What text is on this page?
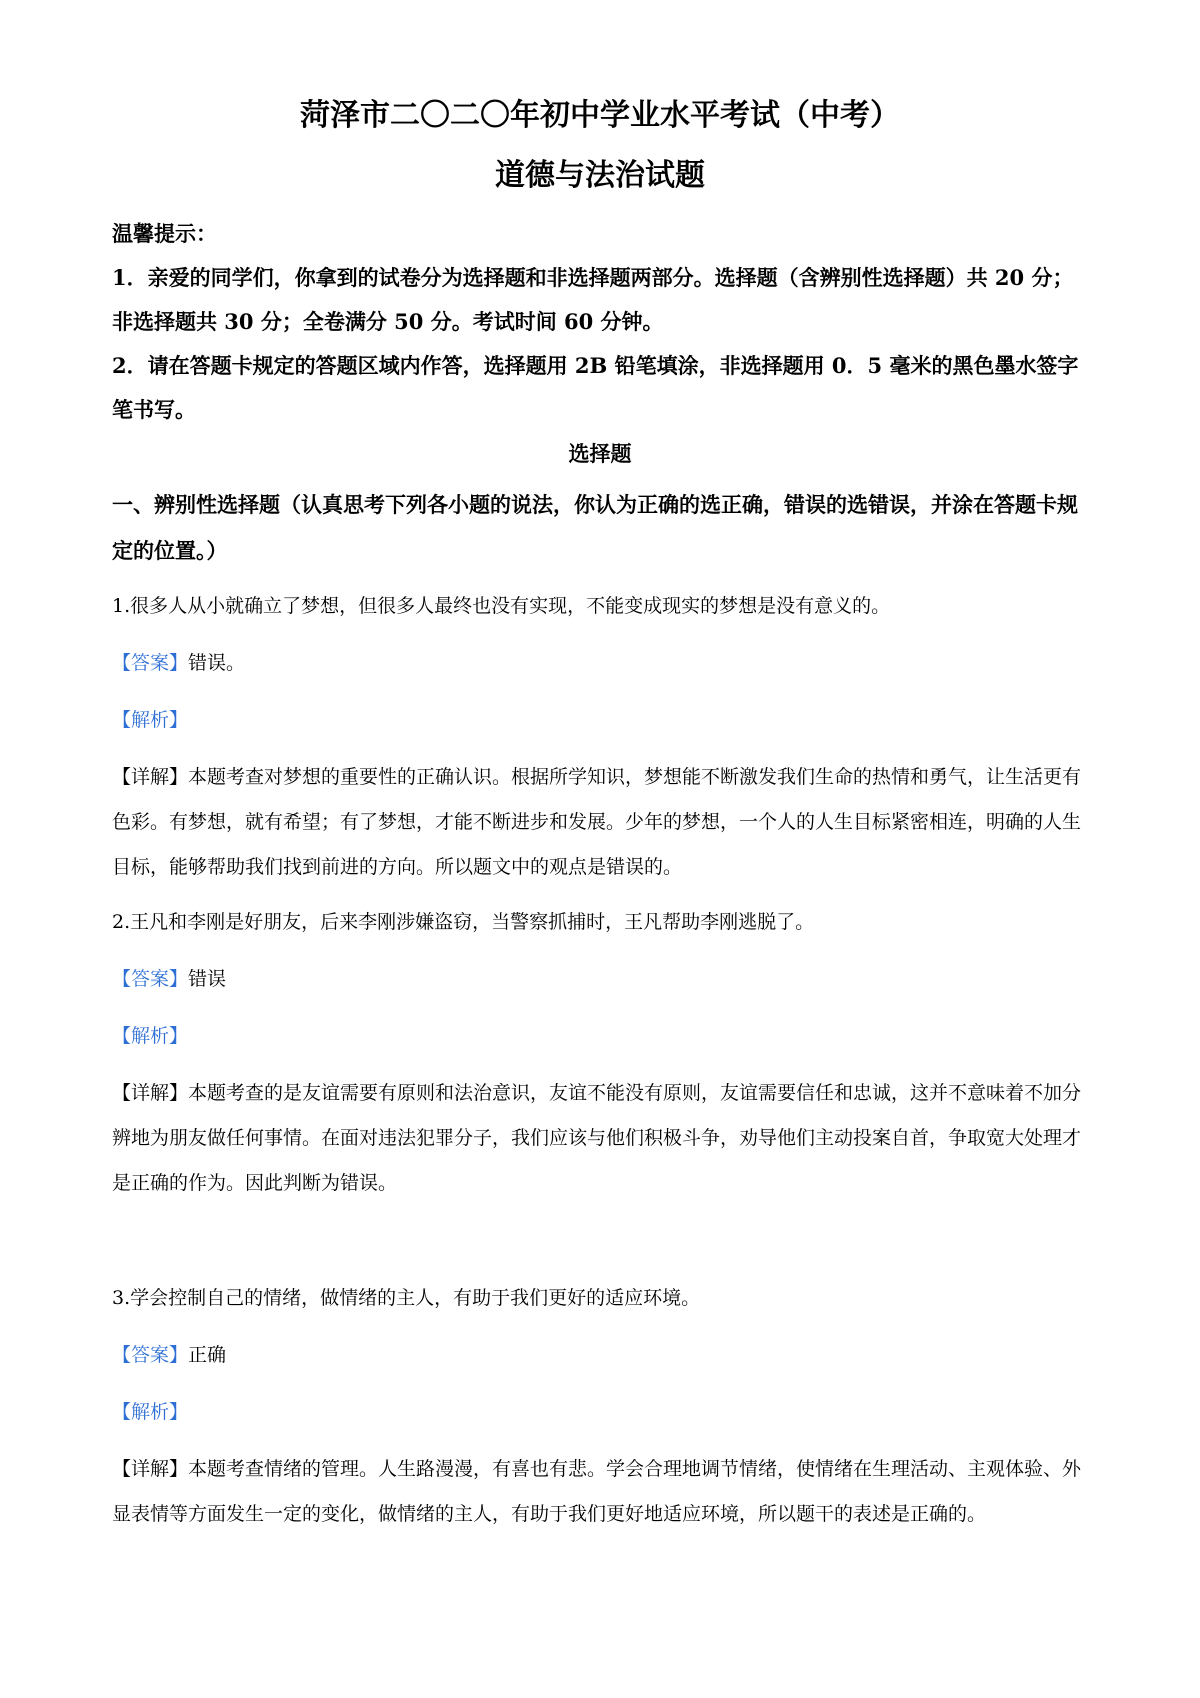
菏泽市二〇二〇年初中学业水平考试（中考）
道德与法治试题

温馨提示：

1．亲爱的同学们，你拿到的试卷分为选择题和非选择题两部分。选择题（含辨别性选择题）共 20 分；非选择题共 30 分；全卷满分 50 分。考试时间 60 分钟。

2．请在答题卡规定的答题区域内作答，选择题用 2B 铅笔填涂，非选择题用 0．5 毫米的黑色墨水签字笔书写。

选择题
一、辨别性选择题（认真思考下列各小题的说法，你认为正确的选正确，错误的选错误，并涂在答题卡规定的位置。）

1.很多人从小就确立了梦想，但很多人最终也没有实现，不能变成现实的梦想是没有意义的。

【答案】错误。

【解析】

【详解】本题考查对梦想的重要性的正确认识。根据所学知识，梦想能不断激发我们生命的热情和勇气，让生活更有色彩。有梦想，就有希望；有了梦想，才能不断进步和发展。少年的梦想，一个人的人生目标紧密相连，明确的人生目标，能够帮助我们找到前进的方向。所以题文中的观点是错误的。

2.王凡和李刚是好朋友，后来李刚涉嫌盗窃，当警察抓捕时，王凡帮助李刚逃脱了。

【答案】错误

【解析】

【详解】本题考查的是友谊需要有原则和法治意识，友谊不能没有原则，友谊需要信任和忠诚，这并不意味着不加分辨地为朋友做任何事情。在面对违法犯罪分子，我们应该与他们积极斗争，劝导他们主动投案自首，争取宽大处理才是正确的作为。因此判断为错误。

3.学会控制自己的情绪，做情绪的主人，有助于我们更好的适应环境。

【答案】正确

【解析】

【详解】本题考查情绪的管理。人生路漫漫，有喜也有悲。学会合理地调节情绪，使情绪在生理活动、主观体验、外显表情等方面发生一定的变化，做情绪的主人，有助于我们更好地适应环境，所以题干的表述是正确的。
